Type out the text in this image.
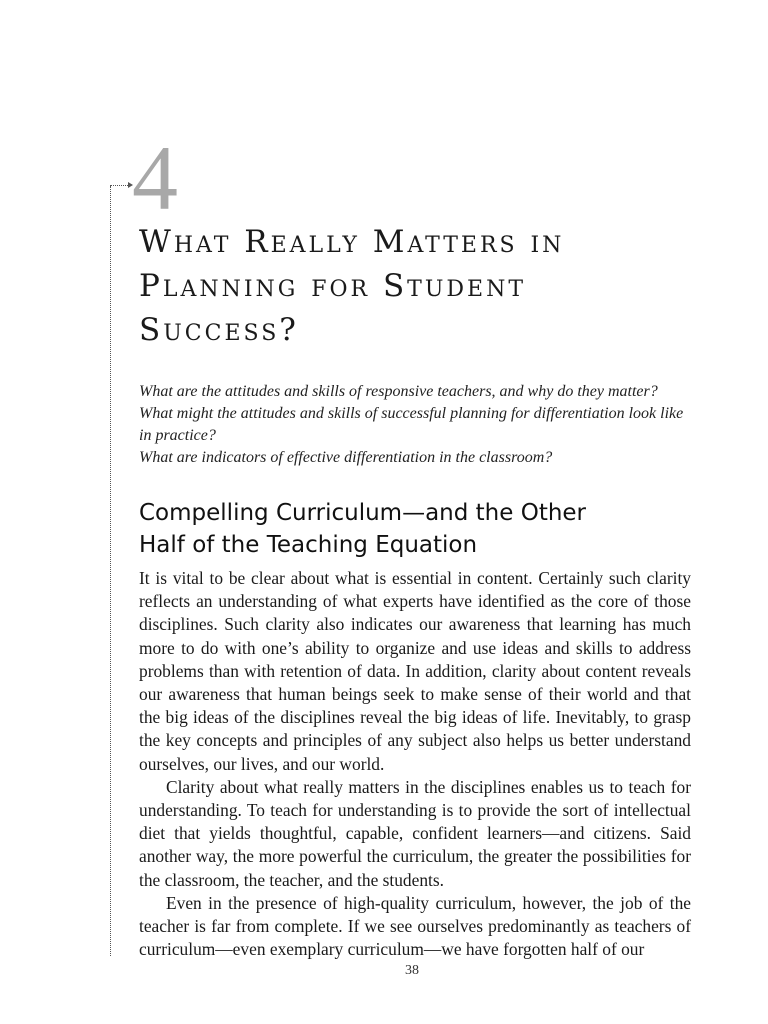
4
What Really Matters in
Planning for Student
Success?

What are the attitudes and skills of responsive teachers, and why do they matter?

What might the attitudes and skills of successful planning for differentiation look like in practice?

What are indicators of effective differentiation in the classroom?

Compelling Curriculum—and the Other
Half of the Teaching Equation

It is vital to be clear about what is essential in content. Certainly such clarity reflects an understanding of what experts have identified as the core of those disciplines. Such clarity also indicates our awareness that learning has much more to do with one’s ability to organize and use ideas and skills to address problems than with retention of data. In addition, clarity about content reveals our awareness that human beings seek to make sense of their world and that the big ideas of the disciplines reveal the big ideas of life. Inevitably, to grasp the key concepts and principles of any subject also helps us better understand ourselves, our lives, and our world.

Clarity about what really matters in the disciplines enables us to teach for understanding. To teach for understanding is to provide the sort of intellectual diet that yields thoughtful, capable, confident learners—and citizens. Said another way, the more powerful the curriculum, the greater the possibilities for the classroom, the teacher, and the students.

Even in the presence of high-quality curriculum, however, the job of the teacher is far from complete. If we see ourselves predominantly as teachers of curriculum—even exemplary curriculum—we have forgotten half of our

38
